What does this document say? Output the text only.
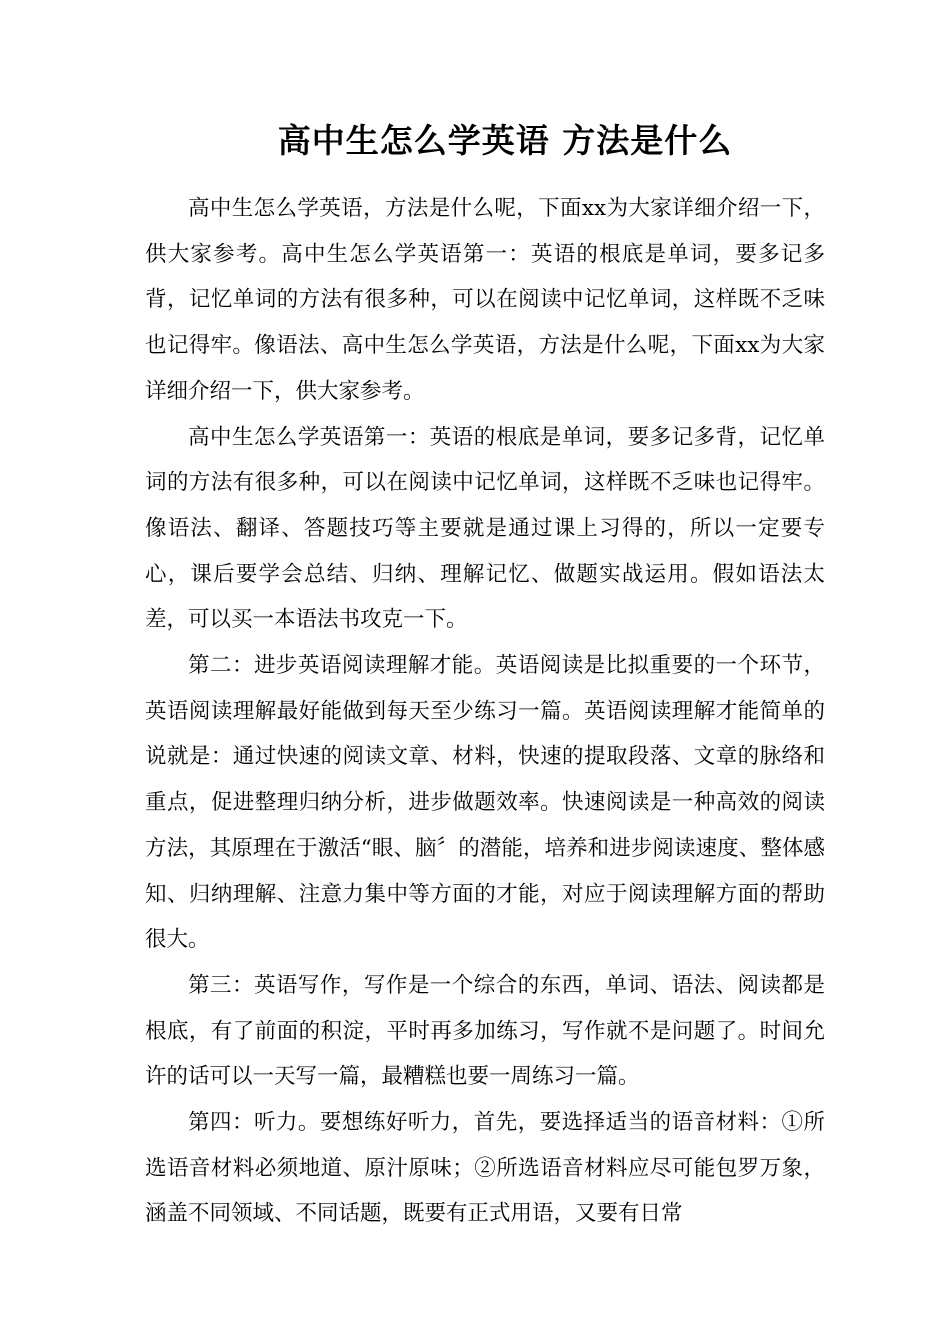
高中生怎么学英语 方法是什么

高中生怎么学英语，方法是什么呢，下面xx为大家详细介绍一下，供大家参考。高中生怎么学英语第一：英语的根底是单词，要多记多背，记忆单词的方法有很多种，可以在阅读中记忆单词，这样既不乏味也记得牢。像语法、高中生怎么学英语，方法是什么呢，下面xx为大家详细介绍一下，供大家参考。

高中生怎么学英语第一：英语的根底是单词，要多记多背，记忆单词的方法有很多种，可以在阅读中记忆单词，这样既不乏味也记得牢。像语法、翻译、答题技巧等主要就是通过课上习得的，所以一定要专心，课后要学会总结、归纳、理解记忆、做题实战运用。假如语法太差，可以买一本语法书攻克一下。

第二：进步英语阅读理解才能。英语阅读是比拟重要的一个环节，英语阅读理解最好能做到每天至少练习一篇。英语阅读理解才能简单的说就是：通过快速的阅读文章、材料，快速的提取段落、文章的脉络和重点，促进整理归纳分析，进步做题效率。快速阅读是一种高效的阅读方法，其原理在于激活“眼、脑〞的潜能，培养和进步阅读速度、整体感知、归纳理解、注意力集中等方面的才能，对应于阅读理解方面的帮助很大。

第三：英语写作，写作是一个综合的东西，单词、语法、阅读都是根底，有了前面的积淀，平时再多加练习，写作就不是问题了。时间允许的话可以一天写一篇，最糟糕也要一周练习一篇。

第四：听力。要想练好听力，首先，要选择适当的语音材料：①所选语音材料必须地道、原汁原味；②所选语音材料应尽可能包罗万象，涵盖不同领域、不同话题，既要有正式用语，又要有日常
